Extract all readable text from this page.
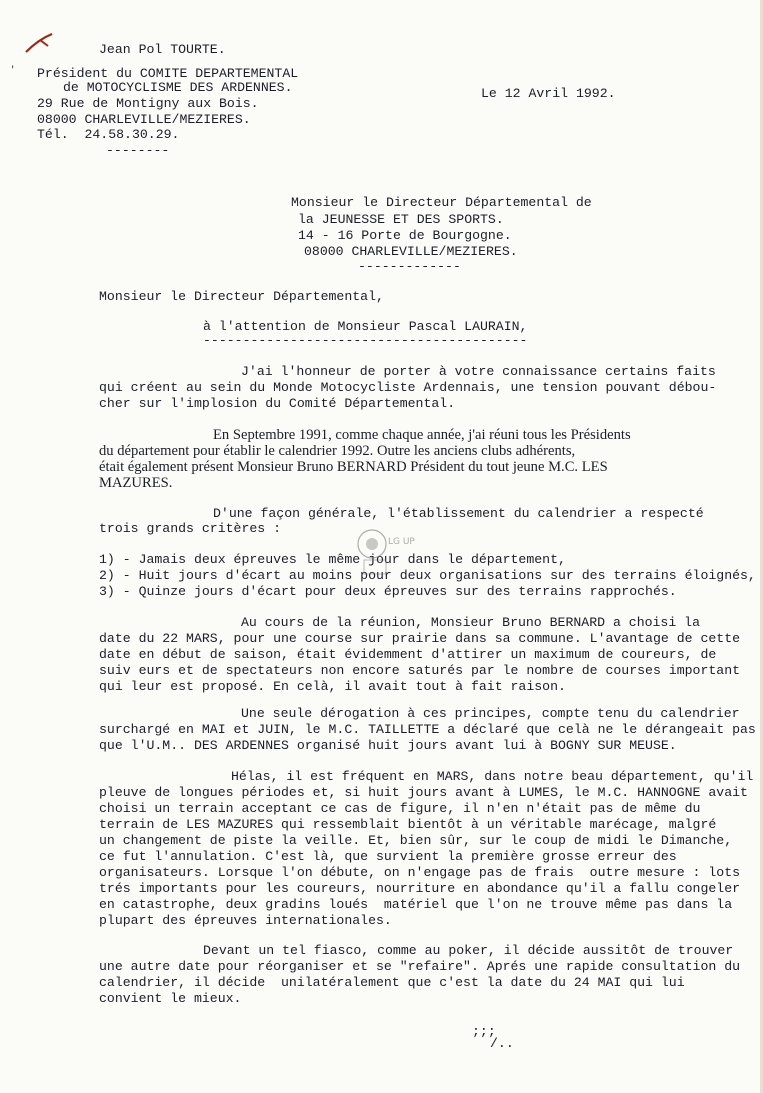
'
Jean Pol TOURTE.
Président du COMITE DEPARTEMENTAL
de MOTOCYCLISME DES ARDENNES.
29 Rue de Montigny aux Bois.
08000 CHARLEVILLE/MEZIERES.
Tél.  24.58.30.29.
--------
Le 12 Avril 1992.
Monsieur le Directeur Départemental de
la JEUNESSE ET DES SPORTS.
14 - 16 Porte de Bourgogne.
08000 CHARLEVILLE/MEZIERES.
-------------
Monsieur le Directeur Départemental,
à l'attention de Monsieur Pascal LAURAIN,
-----------------------------------------
J'ai l'honneur de porter à votre connaissance certains faits
qui créent au sein du Monde Motocycliste Ardennais, une tension pouvant débou-
cher sur l'implosion du Comité Départemental.
En Septembre 1991, comme chaque année, j'ai réuni tous les Présidents
du département pour établir le calendrier 1992. Outre les anciens clubs adhérents,
était également présent Monsieur Bruno BERNARD Président du tout jeune M.C. LES
MAZURES.
D'une façon générale, l'établissement du calendrier a respecté
trois grands critères :
1) - Jamais deux épreuves le même jour dans le département,
2) - Huit jours d'écart au moins pour deux organisations sur des terrains éloignés,
3) - Quinze jours d'écart pour deux épreuves sur des terrains rapprochés.
LG UP
Au cours de la réunion, Monsieur Bruno BERNARD a choisi la
date du 22 MARS, pour une course sur prairie dans sa commune. L'avantage de cette
date en début de saison, était évidemment d'attirer un maximum de coureurs, de
suiv eurs et de spectateurs non encore saturés par le nombre de courses important
qui leur est proposé. En celà, il avait tout à fait raison.
Une seule dérogation à ces principes, compte tenu du calendrier
surchargé en MAI et JUIN, le M.C. TAILLETTE a déclaré que celà ne le dérangeait pas
que l'U.M.. DES ARDENNES organisé huit jours avant lui à BOGNY SUR MEUSE.
Hélas, il est fréquent en MARS, dans notre beau département, qu'il
pleuve de longues périodes et, si huit jours avant à LUMES, le M.C. HANNOGNE avait
choisi un terrain acceptant ce cas de figure, il n'en n'était pas de même du
terrain de LES MAZURES qui ressemblait bientôt à un véritable marécage, malgré
un changement de piste la veille. Et, bien sûr, sur le coup de midi le Dimanche,
ce fut l'annulation. C'est là, que survient la première grosse erreur des
organisateurs. Lorsque l'on débute, on n'engage pas de frais  outre mesure : lots
trés importants pour les coureurs, nourriture en abondance qu'il a fallu congeler
en catastrophe, deux gradins loués  matériel que l'on ne trouve même pas dans la
plupart des épreuves internationales.
Devant un tel fiasco, comme au poker, il décide aussitôt de trouver
une autre date pour réorganiser et se "refaire". Aprés une rapide consultation du
calendrier, il décide  unilatéralement que c'est la date du 24 MAI qui lui
convient le mieux.
;;;
/..
